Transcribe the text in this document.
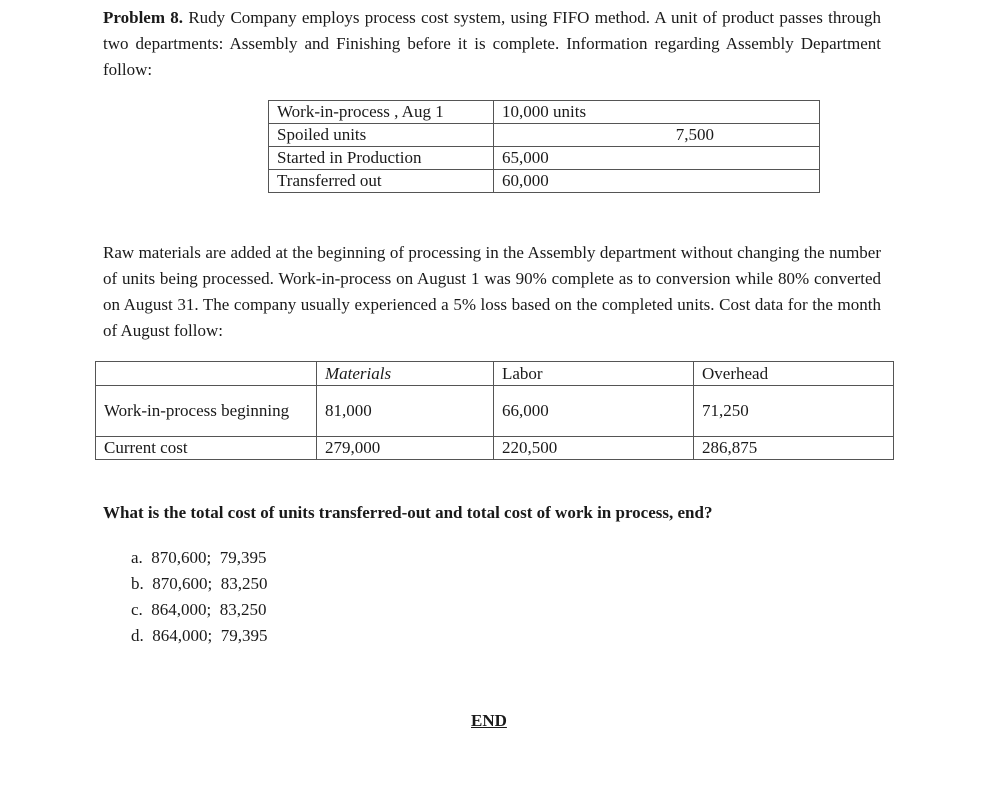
Problem 8. Rudy Company employs process cost system, using FIFO method. A unit of product passes through two departments: Assembly and Finishing before it is complete. Information regarding Assembly Department follow:

Work-in-process , Aug 1	10,000 units
Spoiled units	7,500
Started in Production	65,000
Transferred out	60,000

Raw materials are added at the beginning of processing in the Assembly department without changing the number of units being processed. Work-in-process on August 1 was 90% complete as to conversion while 80% converted on August 31. The company usually experienced a 5% loss based on the completed units. Cost data for the month of August follow:

	Materials	Labor	Overhead
Work-in-process beginning	81,000	66,000	71,250
Current cost	279,000	220,500	286,875

What is the total cost of units transferred-out and total cost of work in process, end?

a.  870,600;  79,395
b.  870,600;  83,250
c.  864,000;  83,250
d.  864,000;  79,395
END
